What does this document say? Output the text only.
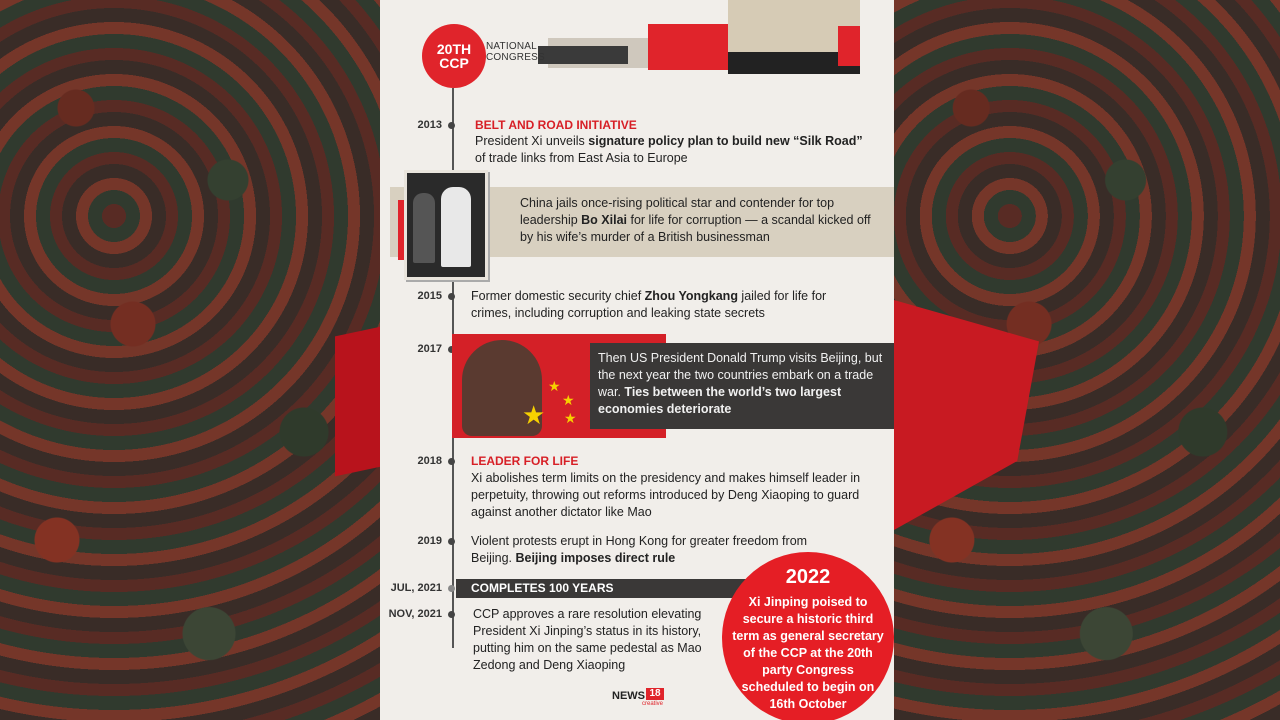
20TH
CCP
NATIONAL
CONGRESS
2013	BELT AND ROAD INITIATIVE
President Xi unveils signature policy plan to build new “Silk Road” of trade links from East Asia to Europe
China jails once-rising political star and contender for top leadership Bo Xilai for life for corruption — a scandal kicked off by his wife’s murder of a British businessman
2015 Former domestic security chief Zhou Yongkang jailed for life for crimes, including corruption and leaking state secrets
2017
★
★
★ ★
Then US President Donald Trump visits Beijing, but the next year the two countries embark on a trade war. Ties between the world’s two largest economies deteriorate
2018 LEADER FOR LIFE
Xi abolishes term limits on the presidency and makes himself leader in perpetuity, throwing out reforms introduced by Deng Xiaoping to guard against another dictator like Mao
2019 Violent protests erupt in Hong Kong for greater freedom from Beijing. Beijing imposes direct rule
JUL, 2021 COMPLETES 100 YEARS
NOV, 2021 CCP approves a rare resolution elevating President Xi Jinping’s status in its history, putting him on the same pedestal as Mao Zedong and Deng Xiaoping
2022
Xi Jinping poised to secure a historic third term as general secretary of the CCP at the 20th party Congress scheduled to begin on 16th October
NEWS 18
creative
